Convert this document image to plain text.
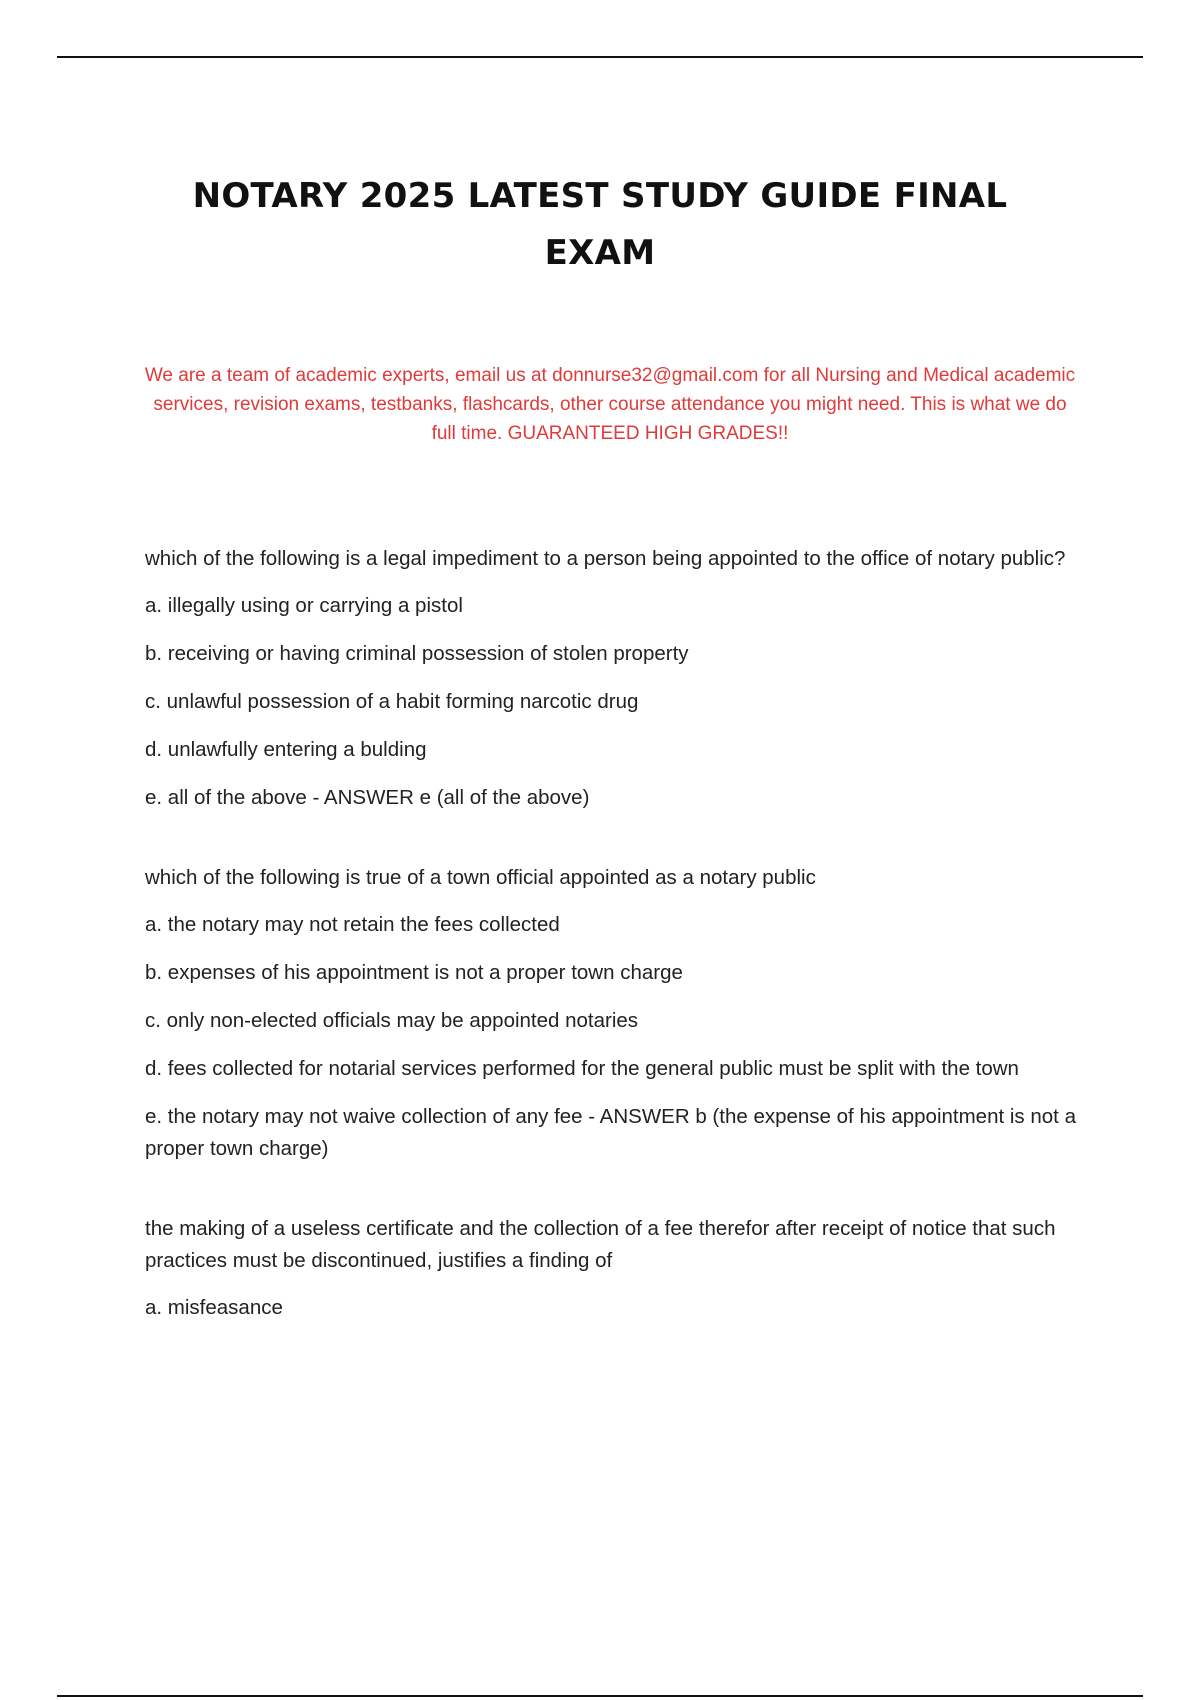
NOTARY 2025 LATEST STUDY GUIDE FINAL EXAM

We are a team of academic experts, email us at donnurse32@gmail.com for all Nursing and Medical academic services, revision exams, testbanks, flashcards, other course attendance you might need. This is what we do full time. GUARANTEED HIGH GRADES!!

which of the following is a legal impediment to a person being appointed to the office of notary public?

a. illegally using or carrying a pistol

b. receiving or having criminal possession of stolen property

c. unlawful possession of a habit forming narcotic drug

d. unlawfully entering a bulding

e. all of the above - ANSWER e (all of the above)

which of the following is true of a town official appointed as a notary public

a. the notary may not retain the fees collected

b. expenses of his appointment is not a proper town charge

c. only non-elected officials may be appointed notaries

d. fees collected for notarial services performed for the general public must be split with the town

e. the notary may not waive collection of any fee - ANSWER b (the expense of his appointment is not a proper town charge)

the making of a useless certificate and the collection of a fee therefor after receipt of notice that such practices must be discontinued, justifies a finding of

a. misfeasance
